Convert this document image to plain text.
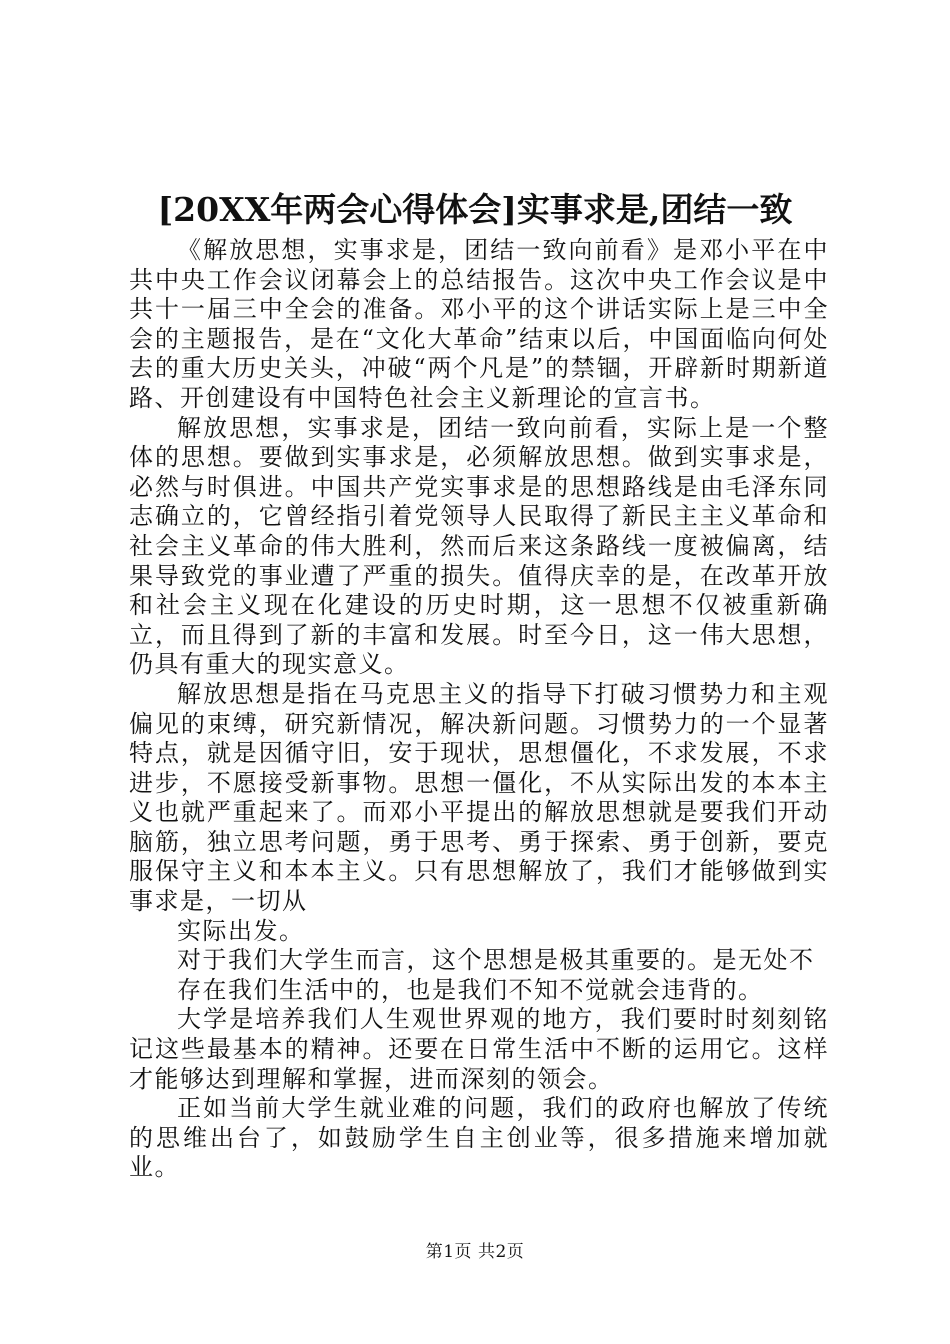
[20XX年两会心得体会]实事求是,团结一致

《解放思想，实事求是，团结一致向前看》是邓小平在中共中央工作会议闭幕会上的总结报告。这次中央工作会议是中共十一届三中全会的准备。邓小平的这个讲话实际上是三中全会的主题报告，是在“文化大革命”结束以后，中国面临向何处去的重大历史关头，冲破“两个凡是”的禁锢，开辟新时期新道路、开创建设有中国特色社会主义新理论的宣言书。

解放思想，实事求是，团结一致向前看，实际上是一个整体的思想。要做到实事求是，必须解放思想。做到实事求是，必然与时俱进。中国共产党实事求是的思想路线是由毛泽东同志确立的，它曾经指引着党领导人民取得了新民主主义革命和社会主义革命的伟大胜利，然而后来这条路线一度被偏离，结果导致党的事业遭了严重的损失。值得庆幸的是，在改革开放和社会主义现在化建设的历史时期，这一思想不仅被重新确立，而且得到了新的丰富和发展。时至今日，这一伟大思想，仍具有重大的现实意义。

解放思想是指在马克思主义的指导下打破习惯势力和主观偏见的束缚，研究新情况，解决新问题。习惯势力的一个显著特点，就是因循守旧，安于现状，思想僵化，不求发展，不求进步，不愿接受新事物。思想一僵化，不从实际出发的本本主义也就严重起来了。而邓小平提出的解放思想就是要我们开动脑筋，独立思考问题，勇于思考、勇于探索、勇于创新，要克服保守主义和本本主义。只有思想解放了，我们才能够做到实事求是，一切从

实际出发。

对于我们大学生而言，这个思想是极其重要的。是无处不

存在我们生活中的，也是我们不知不觉就会违背的。

大学是培养我们人生观世界观的地方，我们要时时刻刻铭记这些最基本的精神。还要在日常生活中不断的运用它。这样才能够达到理解和掌握，进而深刻的领会。

正如当前大学生就业难的问题，我们的政府也解放了传统的思维出台了，如鼓励学生自主创业等，很多措施来增加就业。

第1页 共2页
